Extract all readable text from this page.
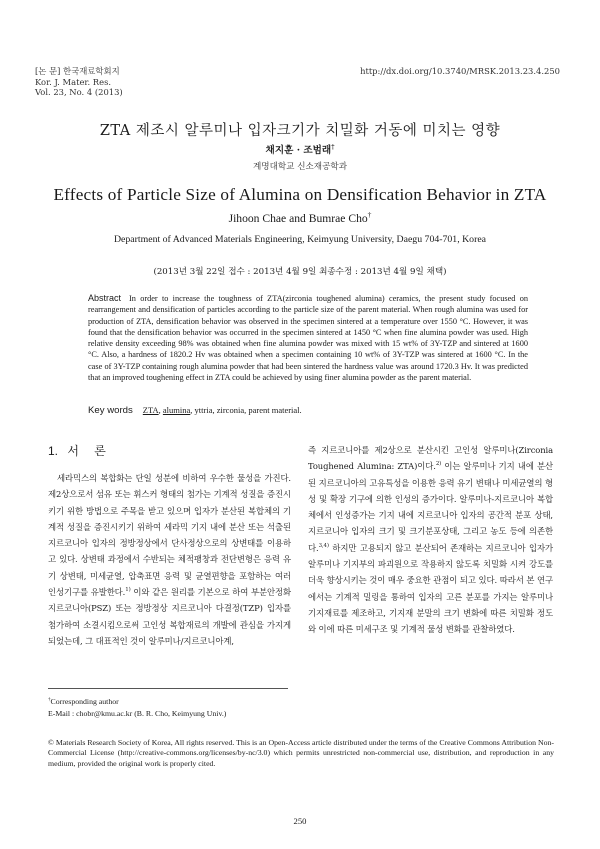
[논 문] 한국재료학회지
Kor. J. Mater. Res.
Vol. 23, No. 4 (2013)
http://dx.doi.org/10.3740/MRSK.2013.23.4.250
ZTA 제조시 알루미나 입자크기가 치밀화 거동에 미치는 영향
채지훈 · 조범래†
계명대학교 신소재공학과
Effects of Particle Size of Alumina on Densification Behavior in ZTA
Jihoon Chae and Bumrae Cho†
Department of Advanced Materials Engineering, Keimyung University, Daegu 704-701, Korea
(2013년 3월 22일 접수 : 2013년 4월 9일 최종수정 : 2013년 4월 9일 채택)
Abstract In order to increase the toughness of ZTA(zirconia toughened alumina) ceramics, the present study focused on rearrangement and densification of particles according to the particle size of the parent material. When rough alumina was used for production of ZTA, densification behavior was observed in the specimen sintered at a temperature over 1550 °C. However, it was found that the densification behavior was occurred in the specimen sintered at 1450 °C when fine alumina powder was used. High relative density exceeding 98% was obtained when fine alumina powder was mixed with 15 wt% of 3Y-TZP and sintered at 1600 °C. Also, a hardness of 1820.2 Hv was obtained when a specimen containing 10 wt% of 3Y-TZP was sintered at 1600 °C. In the case of 3Y-TZP containing rough alumina powder that had been sintered the hardness value was around 1720.3 Hv. It was predicted that an improved toughening effect in ZTA could be achieved by using finer alumina powder as the parent material.
Key words ZTA, alumina, yttria, zirconia, parent material.
1. 서    론

세라믹스의 복합화는 단일 성분에 비하여 우수한 물성을 가진다. 제2상으로서 섬유 또는 휘스커 형태의 첨가는 기계적 성질을 증진시키기 위한 방법으로 주목을 받고 있으며 입자가 분산된 복합체의 기계적 성질을 증진시키기 위하여 세라믹 기지 내에 분산 또는 석출된 지르코니아 입자의 정방정상에서 단사정상으로의 상변태를 이용하고 있다. 상변태 과정에서 수반되는 체적팽창과 전단변형은 응력 유기 상변태, 미세균열, 압축표면 응력 및 균열편향을 포함하는 여러 인성기구를 유발한다.$^{1)}$ 이와 같은 원리를 기본으로 하여 부분안정화 지르코니아(PSZ) 또는 정방정상 지르코니아 다결정(TZP) 입자를 첨가하여 소결시킴으로써 고인성 복합재료의 개발에 관심을 가지게 되었는데, 그 대표적인 것이 알루미나/지르코니아계,

즉 지르코니아를 제2상으로 분산시킨 고인성 알루미나(Zirconia Toughened Alumina: ZTA)이다.$^{2)}$ 이는 알루미나 기지 내에 분산된 지르코니아의 고유특성을 이용한 응력 유기 변태나 미세균열의 형성 및 확장 기구에 의한 인성의 증가이다. 알루미나-지르코니아 복합체에서 인성증가는 기지 내에 지르코니아 입자의 공간적 분포 상태, 지르코니아 입자의 크기 및 크기분포상태, 그리고 농도 등에 의존한다.$^{3,4)}$ 하지만 고용되지 않고 분산되어 존재하는 지르코니아 입자가 알루미나 기지부의 파괴원으로 작용하지 않도록 치밀화 시켜 강도를 더욱 향상시키는 것이 매우 중요한 관점이 되고 있다. 따라서 본 연구에서는 기계적 밀링을 통하여 입자의 고른 분포를 가지는 알루미나 기지재료를 제조하고, 기지재 분말의 크기 변화에 따른 치밀화 정도와 이에 따른 미세구조 및 기계적 물성 변화를 관찰하였다.

†Corresponding author
E-Mail : chobr@kmu.ac.kr (B. R. Cho, Keimyung Univ.)
© Materials Research Society of Korea, All rights reserved. This is an Open-Access article distributed under the terms of the Creative Commons Attribution Non-Commercial License (http://creative-commons.org/licenses/by-nc/3.0) which permits unrestricted non-commercial use, distribution, and reproduction in any medium, provided the original work is properly cited.
250
